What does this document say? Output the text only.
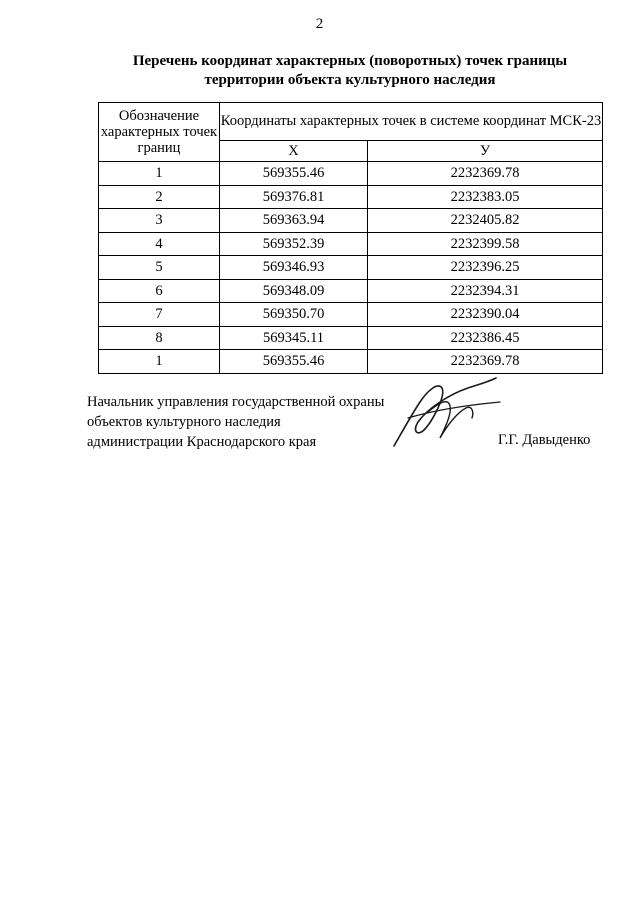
2
Перечень координат характерных (поворотных) точек границы
территории объекта культурного наследия
Обозначение характерных точек границ	Координаты характерных точек в системе координат МСК-23	
	X	У
1	569355.46	2232369.78
2	569376.81	2232383.05
3	569363.94	2232405.82
4	569352.39	2232399.58
5	569346.93	2232396.25
6	569348.09	2232394.31
7	569350.70	2232390.04
8	569345.11	2232386.45
1	569355.46	2232369.78
Начальник управления государственной охраны
объектов культурного наследия
администрации Краснодарского края	Г.Г. Давыденко
